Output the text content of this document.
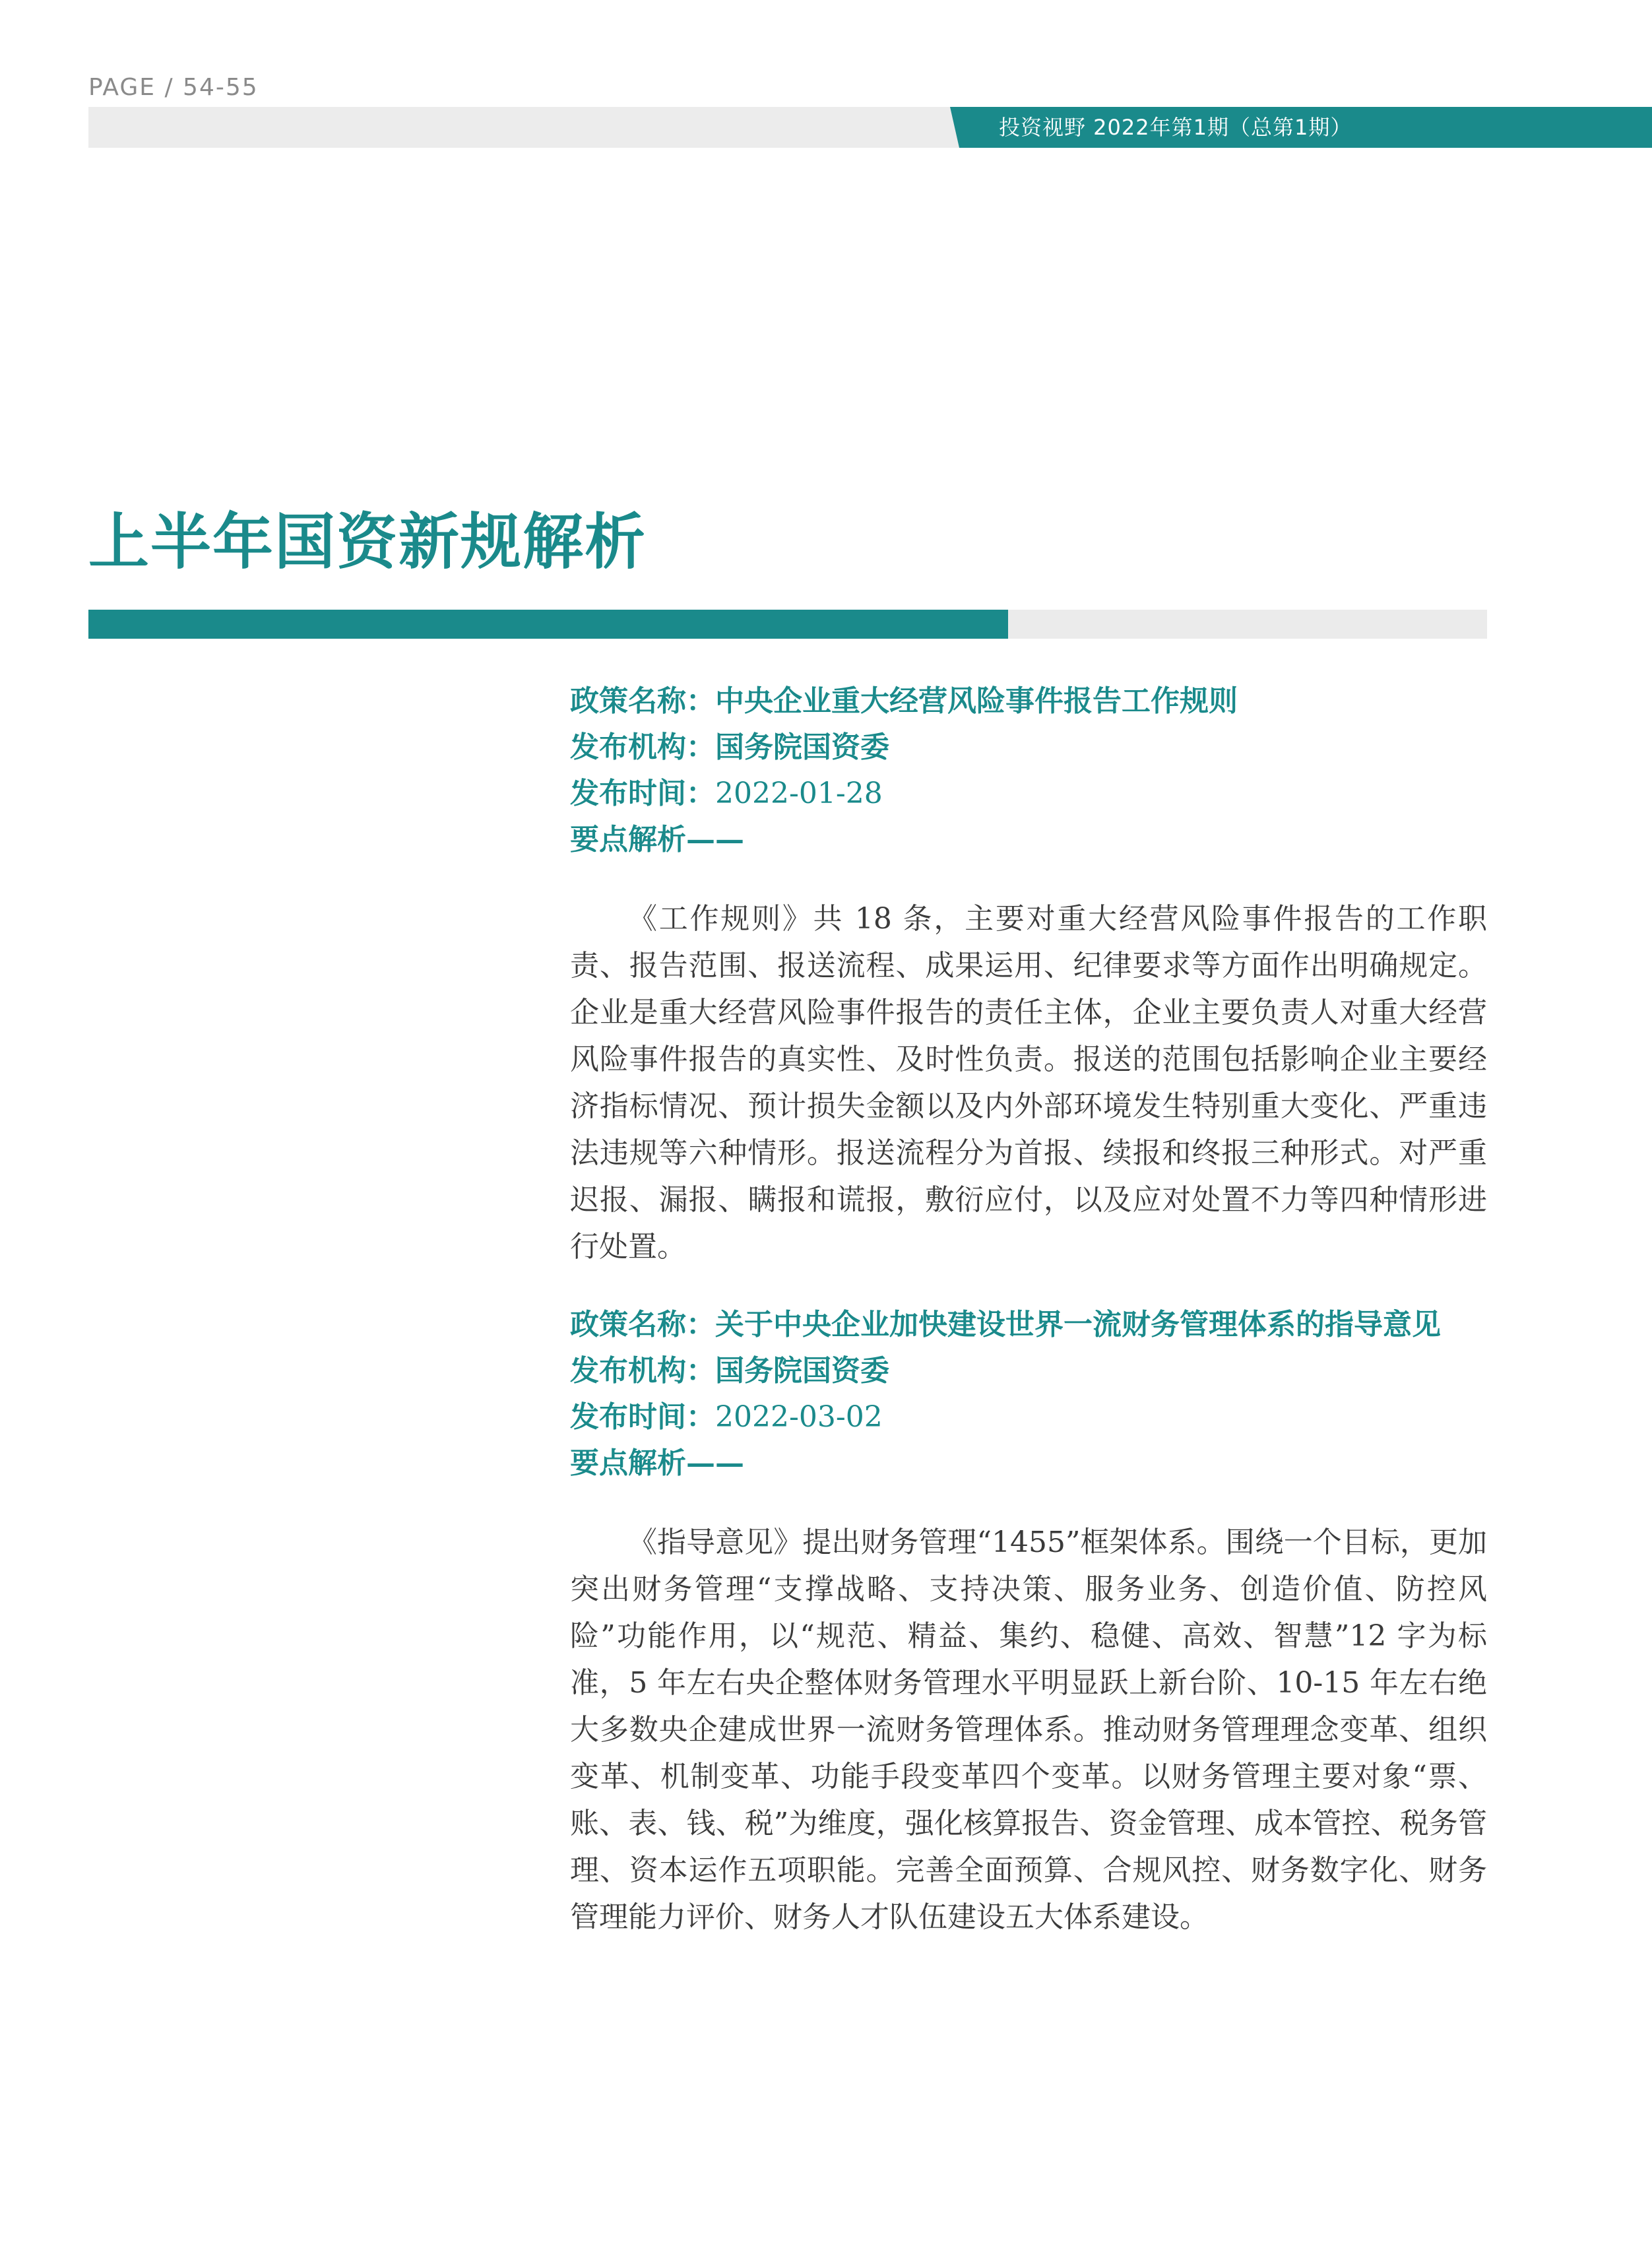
PAGE / 54-55
投资视野 2022年第1期（总第1期）
上半年国资新规解析
政策名称：中央企业重大经营风险事件报告工作规则
发布机构：国务院国资委
发布时间：2022-01-28
要点解析——

《工作规则》共 18 条，主要对重大经营风险事件报告的工作职责、报告范围、报送流程、成果运用、纪律要求等方面作出明确规定。企业是重大经营风险事件报告的责任主体，企业主要负责人对重大经营风险事件报告的真实性、及时性负责。报送的范围包括影响企业主要经济指标情况、预计损失金额以及内外部环境发生特别重大变化、严重违法违规等六种情形。报送流程分为首报、续报和终报三种形式。对严重迟报、漏报、瞒报和谎报，敷衍应付，以及应对处置不力等四种情形进行处置。

政策名称：关于中央企业加快建设世界一流财务管理体系的指导意见
发布机构：国务院国资委
发布时间：2022-03-02
要点解析——

《指导意见》提出财务管理“1455”框架体系。围绕一个目标，更加突出财务管理“支撑战略、支持决策、服务业务、创造价值、防控风险”功能作用，以“规范、精益、集约、稳健、高效、智慧”12 字为标准，5 年左右央企整体财务管理水平明显跃上新台阶、10-15 年左右绝大多数央企建成世界一流财务管理体系。推动财务管理理念变革、组织变革、机制变革、功能手段变革四个变革。以财务管理主要对象“票、账、表、钱、税”为维度，强化核算报告、资金管理、成本管控、税务管理、资本运作五项职能。完善全面预算、合规风控、财务数字化、财务管理能力评价、财务人才队伍建设五大体系建设。
